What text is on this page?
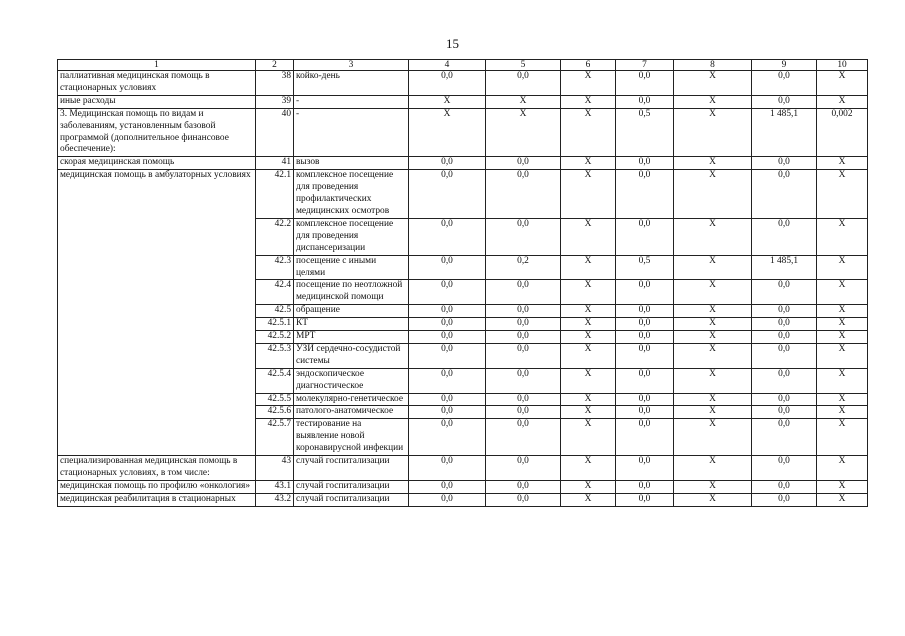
15
1	2	3	4	5	6	7	8	9	10
паллиативная медицинская помощь в стационарных условиях	38	койко-день	0,0	0,0	X	0,0	X	0,0	X
иные расходы	39	-	X	X	X	0,0	X	0,0	X
3. Медицинская помощь по видам и заболеваниям, установленным базовой программой (дополнительное финансовое обеспечение):	40	-	X	X	X	0,5	X	1 485,1	0,002
скорая медицинская помощь	41	вызов	0,0	0,0	X	0,0	X	0,0	X
медицинская помощь в амбулаторных условиях	42.1	комплексное посещение для проведения профилактических медицинских осмотров	0,0	0,0	X	0,0	X	0,0	X
	42.2	комплексное посещение для проведения диспансеризации	0,0	0,0	X	0,0	X	0,0	X
	42.3	посещение с иными целями	0,0	0,2	X	0,5	X	1 485,1	X
	42.4	посещение по неотложной медицинской помощи	0,0	0,0	X	0,0	X	0,0	X
	42.5	обращение	0,0	0,0	X	0,0	X	0,0	X
	42.5.1	КТ	0,0	0,0	X	0,0	X	0,0	X
	42.5.2	МРТ	0,0	0,0	X	0,0	X	0,0	X
	42.5.3	УЗИ сердечно-сосудистой системы	0,0	0,0	X	0,0	X	0,0	X
	42.5.4	эндоскопическое диагностическое	0,0	0,0	X	0,0	X	0,0	X
	42.5.5	молекулярно-генетическое	0,0	0,0	X	0,0	X	0,0	X
	42.5.6	патолого-анатомическое	0,0	0,0	X	0,0	X	0,0	X
	42.5.7	тестирование на выявление новой коронавирусной инфекции	0,0	0,0	X	0,0	X	0,0	X
специализированная медицинская помощь в стационарных условиях, в том числе:	43	случай госпитализации	0,0	0,0	X	0,0	X	0,0	X
медицинская помощь по профилю «онкология»	43.1	случай госпитализации	0,0	0,0	X	0,0	X	0,0	X
медицинская реабилитация в стационарных	43.2	случай госпитализации	0,0	0,0	X	0,0	X	0,0	X
